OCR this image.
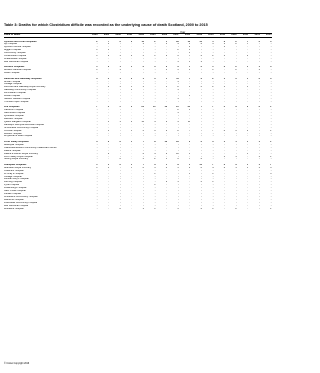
Table 3: Deaths for which Clostridium difficile was recorded as the underlying cause of death Scotland, 2000 to 2015
Year
Place of death	2000	2001	2002	2003	2004	2005	2006	2007	2008	2009	2010	2011	2012	2013	2014	2015

Ayrshire and Arran hospitals	2	7	6	9	11	2	5	18	18	11	5	6	2	5	0	0
Ayr Hospital	-	1	-	-	1	-	1	4	1	2	3	1	2	3	-	-
Ayrshire Central Hospital	-	-	-	-	-	-	-	-	2	-	-	1	-	-	-	-
Biggart Hospital	1	1	-	-	-	-	-	2	1	-	-	-	-	-	-	-
Community Hospital	-	-	-	-	-	-	-	-	1	-	-	-	-	-	-	-
Crosshouse Hospital	1	2	1	2	5	1	2	6	5	4	2	1	-	2	-	-
Kirklandside Hospital	-	-	-	-	-	-	-	-	-	-	-	-	-	-	-	-
War Memorial Hospital	-	-	-	-	-	-	-	1	1	1	-	-	-	-	-	-

Borders hospitals	1	0	1	0	0	0	3	3	4	0	1	0	2	0	1	0
Borders General Hospital	1	-	1	-	-	-	3	3	4	-	1	-	2	-	1	-
Kelso Hospital	-	-	-	-	-	-	-	-	-	-	-	-	-	-	-	-

Dumfries and Galloway hospitals	0	4	1	2	1	0	5	11	5	3	2	1	0	1	0	0
Annan Hospital	-	-	-	-	-	-	-	1	-	-	-	-	-	-	-	-
Cottage Hospital	-	-	-	-	-	-	-	-	-	-	-	-	-	-	-	-
Dumfries and Galloway Royal Infirmary	-	4	1	1	1	-	5	8	4	3	2	1	-	1	-	-
Galloway Community Hospital	-	-	-	1	-	-	-	1	-	-	-	-	-	-	-	-
Lochmaben Hospital	-	-	-	-	-	-	-	-	-	-	-	-	-	-	-	-
Moffat Hospital	-	-	-	-	-	-	-	-	1	-	-	-	-	-	-	-
Newton Stewart Hospital	-	-	-	-	-	-	-	1	-	-	-	-	-	-	-	-
Thomas Hope Hospital	-	-	-	-	-	-	-	-	-	-	-	-	-	-	-	-

Fife hospitals	7	4	5	8	14	11	10	15	20	7	7	4	6	2	0	1
Cameron Hospital	-	-	-	-	-	-	-	2	1	-	-	-	-	-	-	-
Glenrothes Hospital	-	-	-	-	-	-	-	1	-	-	-	-	-	-	-	-
Lynebank Hospital	-	-	-	-	-	-	-	-	-	-	-	-	-	-	-	-
Mansion Hospital	-	-	-	-	-	-	-	-	-	-	-	-	-	-	-	-
Queen Margaret Hospital	-	3	1	2	11	4	2	4	11	-	-	-	-	-	-	-
Randolph Wemyss Memorial Hospital	-	-	-	-	-	-	-	-	-	-	-	-	-	-	-	-
St Andrews Community Hospital	-	-	-	-	-	-	-	-	-	-	-	-	-	-	-	-
Victoria Hospital	-	1	-	1	3	6	2	8	7	7	7	4	6	2	-	1
Weston Hospital	-	-	-	-	-	-	-	-	-	-	-	-	-	-	-	-
Whyteman's Brae Hospital	-	-	-	-	-	-	-	-	-	-	-	-	-	-	-	-

Forth Valley hospitals	0	2	6	3	7	9	13	16	9	2	0	1	1	1	1	1
Bellsdyke Hospital	-	-	-	-	-	-	-	-	-	-	-	-	-	-	-	-
Clackmannanshire Community Healthcare Centre	-	-	-	-	-	-	-	-	-	-	-	-	-	-	-	-
Falkirk Hospital	-	-	-	-	-	-	-	-	-	-	-	-	-	-	-	-
Falkirk & District Royal Infirmary	-	2	-	-	2	4	8	10	4	-	-	-	-	1	-	-
Forth Valley Royal Hospital	-	-	-	-	-	-	-	-	-	-	-	1	1	-	1	1
Stirling Royal Infirmary	-	-	6	-	5	2	5	6	5	2	-	-	-	-	-	-

Grampian hospitals	1	1	2	6	7	6	5	9	3	11	7	2	3	1	1	7
Aberdeen Royal Infirmary	1	1	-	6	6	3	4	5	2	6	4	2	1	1	1	3
Chalmers Hospital	-	-	-	-	-	-	-	-	-	-	-	-	-	-	-	-
Dr Gray's Hospital	-	-	-	-	-	1	-	-	1	-	1	-	-	-	-	3
Cottage Hospital	-	-	-	-	-	-	-	-	-	-	-	-	-	-	-	-
Dunbar Grey's Hospital	-	-	-	-	-	-	-	-	-	-	-	-	-	-	-	-
Fleming Hospital	-	-	-	-	-	-	2	1	-	3	1	-	-	-	-	-
Fyvie Hospital	-	-	-	-	-	1	-	-	-	-	-	-	-	-	-	-
Fraserburgh Hospital	-	-	-	-	-	-	-	-	-	-	-	-	-	-	-	-
Glen O'Dee Hospital	-	-	-	-	-	-	-	-	-	-	-	-	-	-	-	-
Jubilee Hospital	-	-	-	-	-	-	-	-	-	-	-	-	-	-	-	-
Kincardine Community Hospital	-	-	-	-	-	-	-	-	-	-	-	-	-	-	-	-
Leanchoil Hospital	-	-	-	-	-	-	-	-	-	-	-	-	-	-	-	-
Peterhead Community Hospital	-	-	-	-	-	-	-	-	-	-	-	-	-	-	-	-
War Memorial Hospital	-	-	-	-	-	-	-	-	-	-	-	-	-	-	-	-
Woodend Hospital	-	-	2	-	1	1	-	3	-	2	1	-	2	-	-	1
© Crown Copyright 2016
